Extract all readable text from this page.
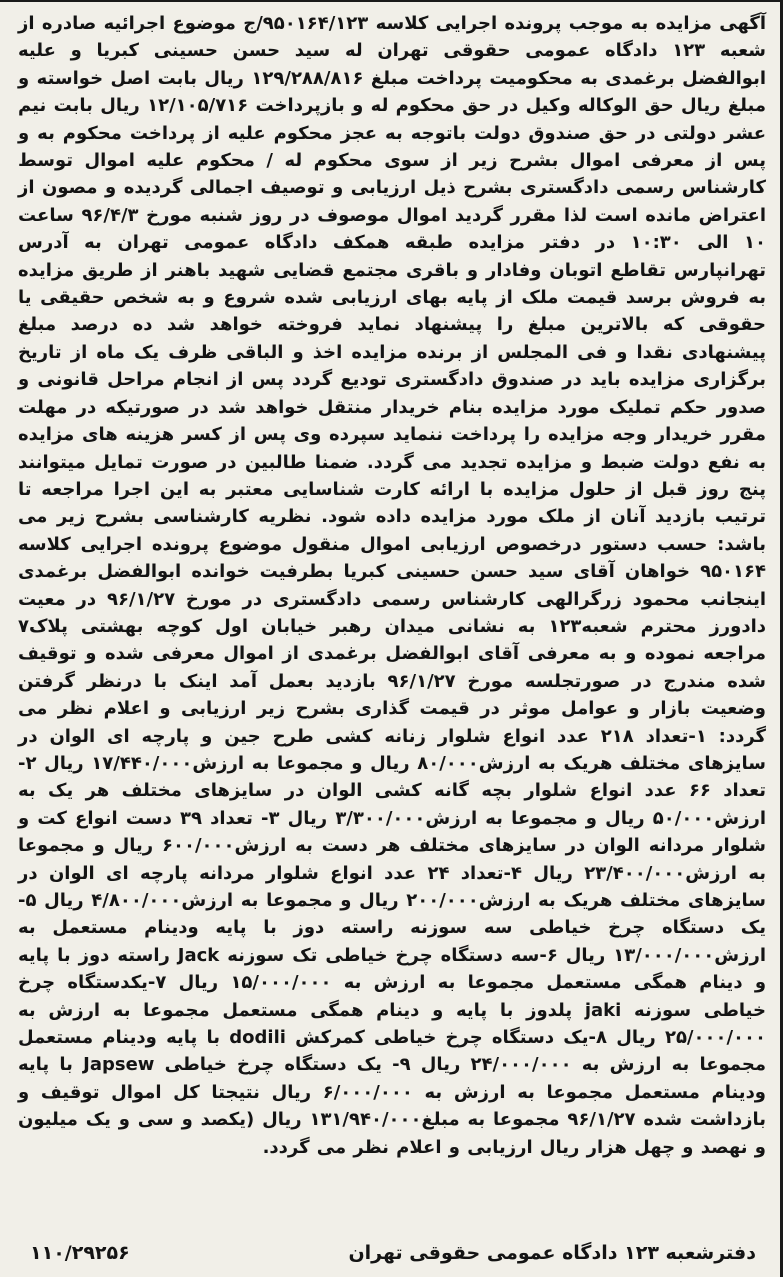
آگهی مزایده به موجب پرونده اجرایی کلاسه ۹۵۰۱۶۴/۱۲۳/ج موضوع اجرائیه صادره از شعبه ۱۲۳ دادگاه عمومی حقوقی تهران له سید حسن حسینی کبریا و علیه ابوالفضل برغمدی به محکومیت پرداخت مبلغ ۱۲۹/۲۸۸/۸۱۶ ریال بابت اصل خواسته و مبلغ ریال حق الوکاله وکیل در حق محکوم له و بازپرداخت ۱۲/۱۰۵/۷۱۶ ریال بابت نیم عشر دولتی در حق صندوق دولت باتوجه به عجز محکوم علیه از پرداخت محکوم به و پس از معرفی اموال بشرح زیر از سوی محکوم له / محکوم علیه اموال توسط کارشناس رسمی دادگستری بشرح ذیل ارزیابی و توصیف اجمالی گردیده و مصون از اعتراض مانده است لذا مقرر گردید اموال موصوف در روز شنبه مورخ ۹۶/۴/۳ ساعت ۱۰ الی ۱۰:۳۰ در دفتر مزایده طبقه همکف دادگاه عمومی تهران به آدرس تهرانپارس تقاطع اتوبان وفادار و باقری مجتمع قضایی شهید باهنر از طریق مزایده به فروش برسد قیمت ملک از پایه بهای ارزیابی شده شروع و به شخص حقیقی یا حقوقی که بالاترین مبلغ را پیشنهاد نماید فروخته خواهد شد ده درصد مبلغ پیشنهادی نقدا و فی المجلس از برنده مزایده اخذ و الباقی ظرف یک ماه از تاریخ برگزاری مزایده باید در صندوق دادگستری تودیع گردد پس از انجام مراحل قانونی و صدور حکم تملیک مورد مزایده بنام خریدار منتقل خواهد شد در صورتیکه در مهلت مقرر خریدار وجه مزایده را پرداخت ننماید سپرده وی پس از کسر هزینه های مزایده به نفع دولت ضبط و مزایده تجدید می گردد. ضمنا طالبین در صورت تمایل میتوانند پنج روز قبل از حلول مزایده با ارائه کارت شناسایی معتبر به این اجرا مراجعه تا ترتیب بازدید آنان از ملک مورد مزایده داده شود. نظریه کارشناسی بشرح زیر می باشد: حسب دستور درخصوص ارزیابی اموال منقول موضوع پرونده اجرایی کلاسه ۹۵۰۱۶۴ خواهان آقای سید حسن حسینی کبریا بطرفیت خوانده ابوالفضل برغمدی اینجانب محمود زرگرالهی کارشناس رسمی دادگستری در مورخ ۹۶/۱/۲۷ در معیت دادورز محترم شعبه۱۲۳ به نشانی میدان رهبر خیابان اول کوچه بهشتی پلاک۷ مراجعه نموده و به معرفی آقای ابوالفضل برغمدی از اموال معرفی شده و توقیف شده مندرج در صورتجلسه مورخ ۹۶/۱/۲۷ بازدید بعمل آمد اینک با درنظر گرفتن وضعیت بازار و عوامل موثر در قیمت گذاری بشرح زیر ارزیابی و اعلام نظر می گردد: ۱-تعداد ۲۱۸ عدد انواع شلوار زنانه کشی طرح جین و پارچه ای الوان در سایزهای مختلف هریک به ارزش۸۰/۰۰۰ ریال و مجموعا به ارزش۱۷/۴۴۰/۰۰۰ ریال ۲-تعداد ۶۶ عدد انواع شلوار بچه گانه کشی الوان در سایزهای مختلف هر یک به ارزش۵۰/۰۰۰ ریال و مجموعا به ارزش۳/۳۰۰/۰۰۰ ریال ۳- تعداد ۳۹ دست انواع کت و شلوار مردانه الوان در سایزهای مختلف هر دست به ارزش۶۰۰/۰۰۰ ریال و مجموعا به ارزش۲۳/۴۰۰/۰۰۰ ریال ۴-تعداد ۲۴ عدد انواع شلوار مردانه پارچه ای الوان در سایزهای مختلف هریک به ارزش۲۰۰/۰۰۰ ریال و مجموعا به ارزش۴/۸۰۰/۰۰۰ ریال ۵-یک دستگاه چرخ خیاطی سه سوزنه راسته دوز با پایه ودینام مستعمل به ارزش۱۳/۰۰۰/۰۰۰ ریال ۶-سه دستگاه چرخ خیاطی تک سوزنه Jack راسته دوز با پایه و دینام همگی مستعمل مجموعا به ارزش به ۱۵/۰۰۰/۰۰۰ ریال ۷-یکدستگاه چرخ خیاطی سوزنه jaki پلدوز با پایه و دینام همگی مستعمل مجموعا به ارزش به ۲۵/۰۰۰/۰۰۰ ریال ۸-یک دستگاه چرخ خیاطی کمرکش dodili با پایه ودینام مستعمل مجموعا به ارزش به ۲۴/۰۰۰/۰۰۰ ریال ۹- یک دستگاه چرخ خیاطی Japsew با پایه ودینام مستعمل مجموعا به ارزش به ۶/۰۰۰/۰۰۰ ریال نتیجتا کل اموال توقیف و بازداشت شده ۹۶/۱/۲۷ مجموعا به مبلغ۱۳۱/۹۴۰/۰۰۰ ریال (یکصد و سی و یک میلیون و نهصد و چهل هزار ریال ارزیابی و اعلام نظر می گردد.
دفترشعبه ۱۲۳ دادگاه عمومی حقوقی تهران
۱۱۰/۲۹۲۵۶
